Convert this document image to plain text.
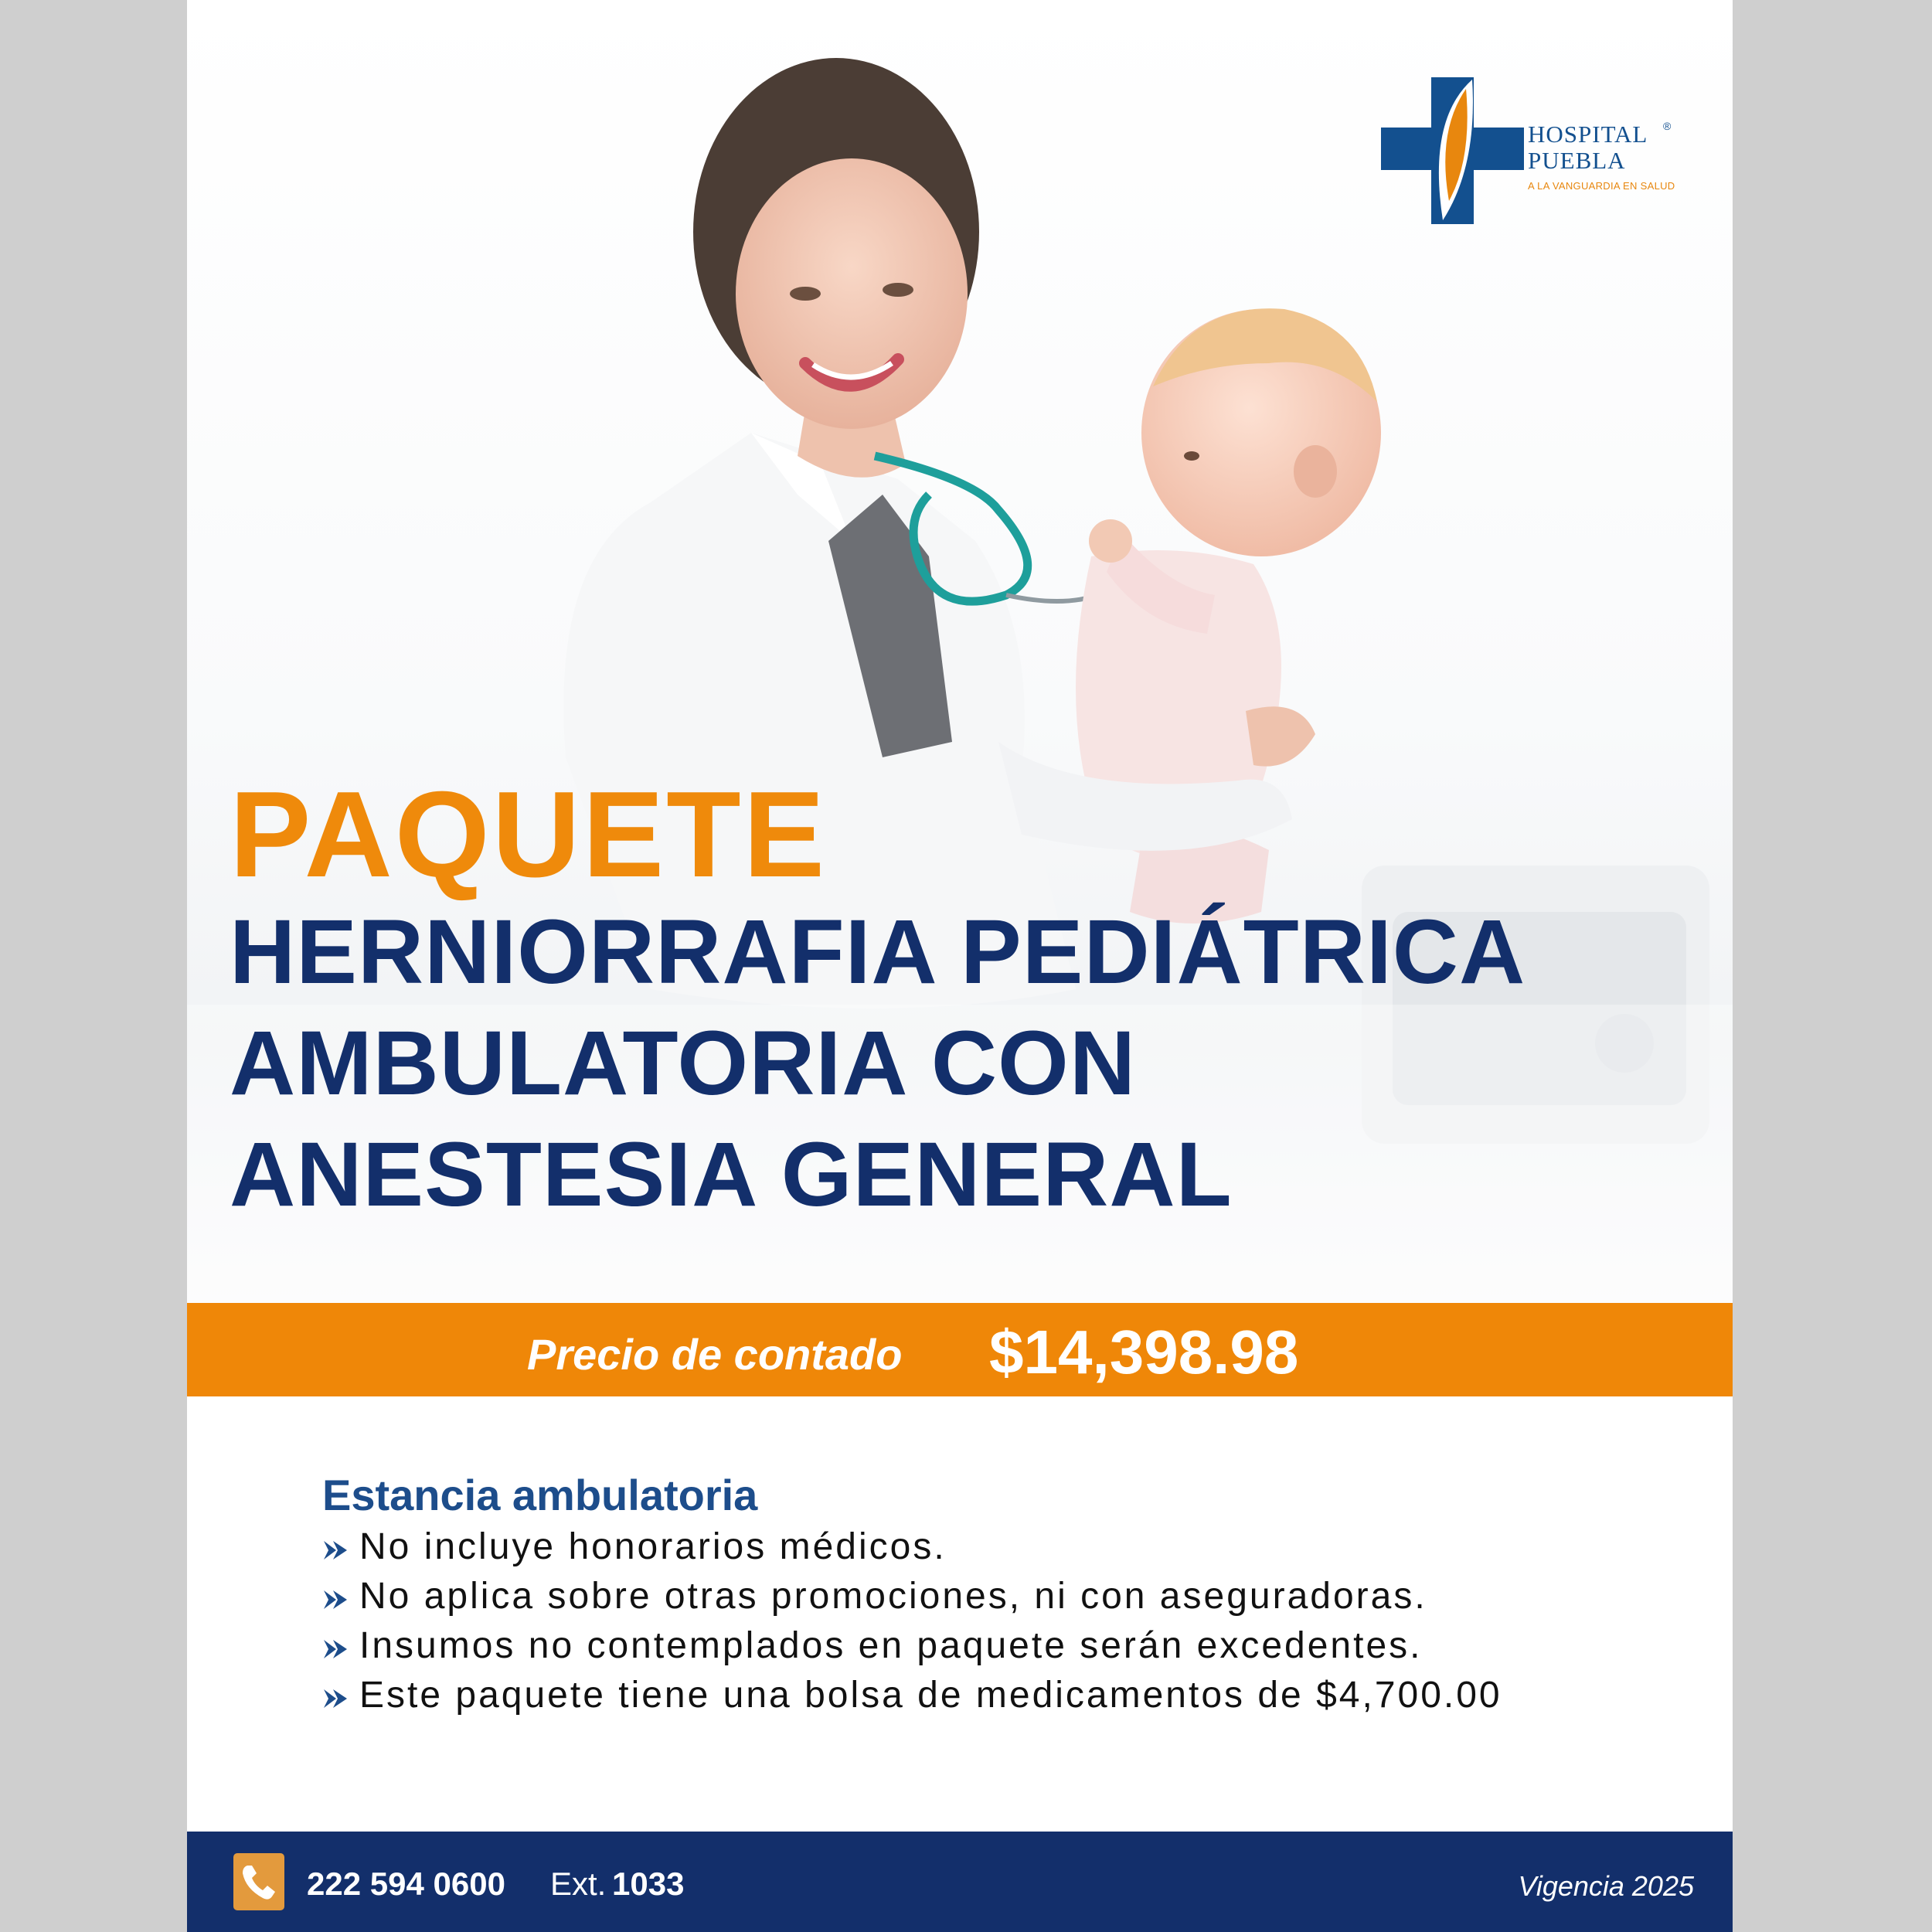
HOSPITAL
PUEBLA
®
A LA VANGUARDIA EN SALUD
PAQUETE
HERNIORRAFIA PEDIÁTRICA
AMBULATORIA CON
ANESTESIA GENERAL
Precio de contado $14,398.98
Estancia ambulatoria
No incluye honorarios médicos.
No aplica sobre otras promociones, ni con aseguradoras.
Insumos no contemplados en paquete serán excedentes.
Este paquete tiene una bolsa de medicamentos de $4,700.00
222 594 0600 Ext. 1033	Vigencia 2025
